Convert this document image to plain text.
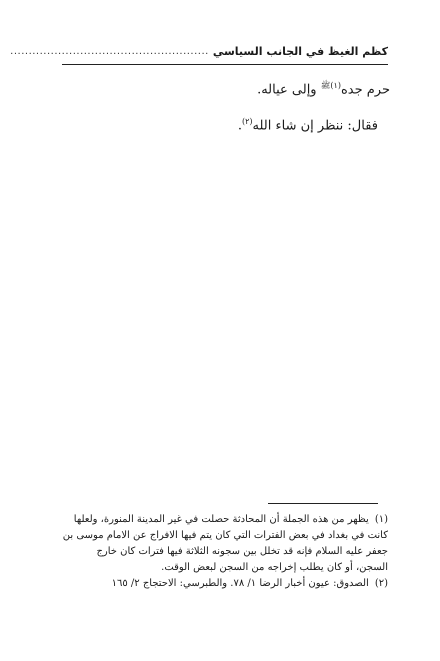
كظم الغيظ في الجانب السياسي
......................................................
حرم جده$^{(١)ﷺ}$ وإلى عياله.
فقال: ننظر إن شاء الله$^{(٢)}$.

(١)يظهر من هذه الجملة أن المحادثة حصلت في غير المدينة المنورة، ولعلها كانت في بغداد في بعض الفترات التي كان يتم فيها الافراج عن الامام موسى بن جعفر عليه السلام فإنه قد تخلل بين سجونه الثلاثة فيها فترات كان خارج السجن، أو كان يطلب إخراجه من السجن لبعض الوقت.

(٢)الصدوق: عيون أخبار الرضا ١/ ٧٨. والطبرسي: الاحتجاج ٢/ ١٦٥
